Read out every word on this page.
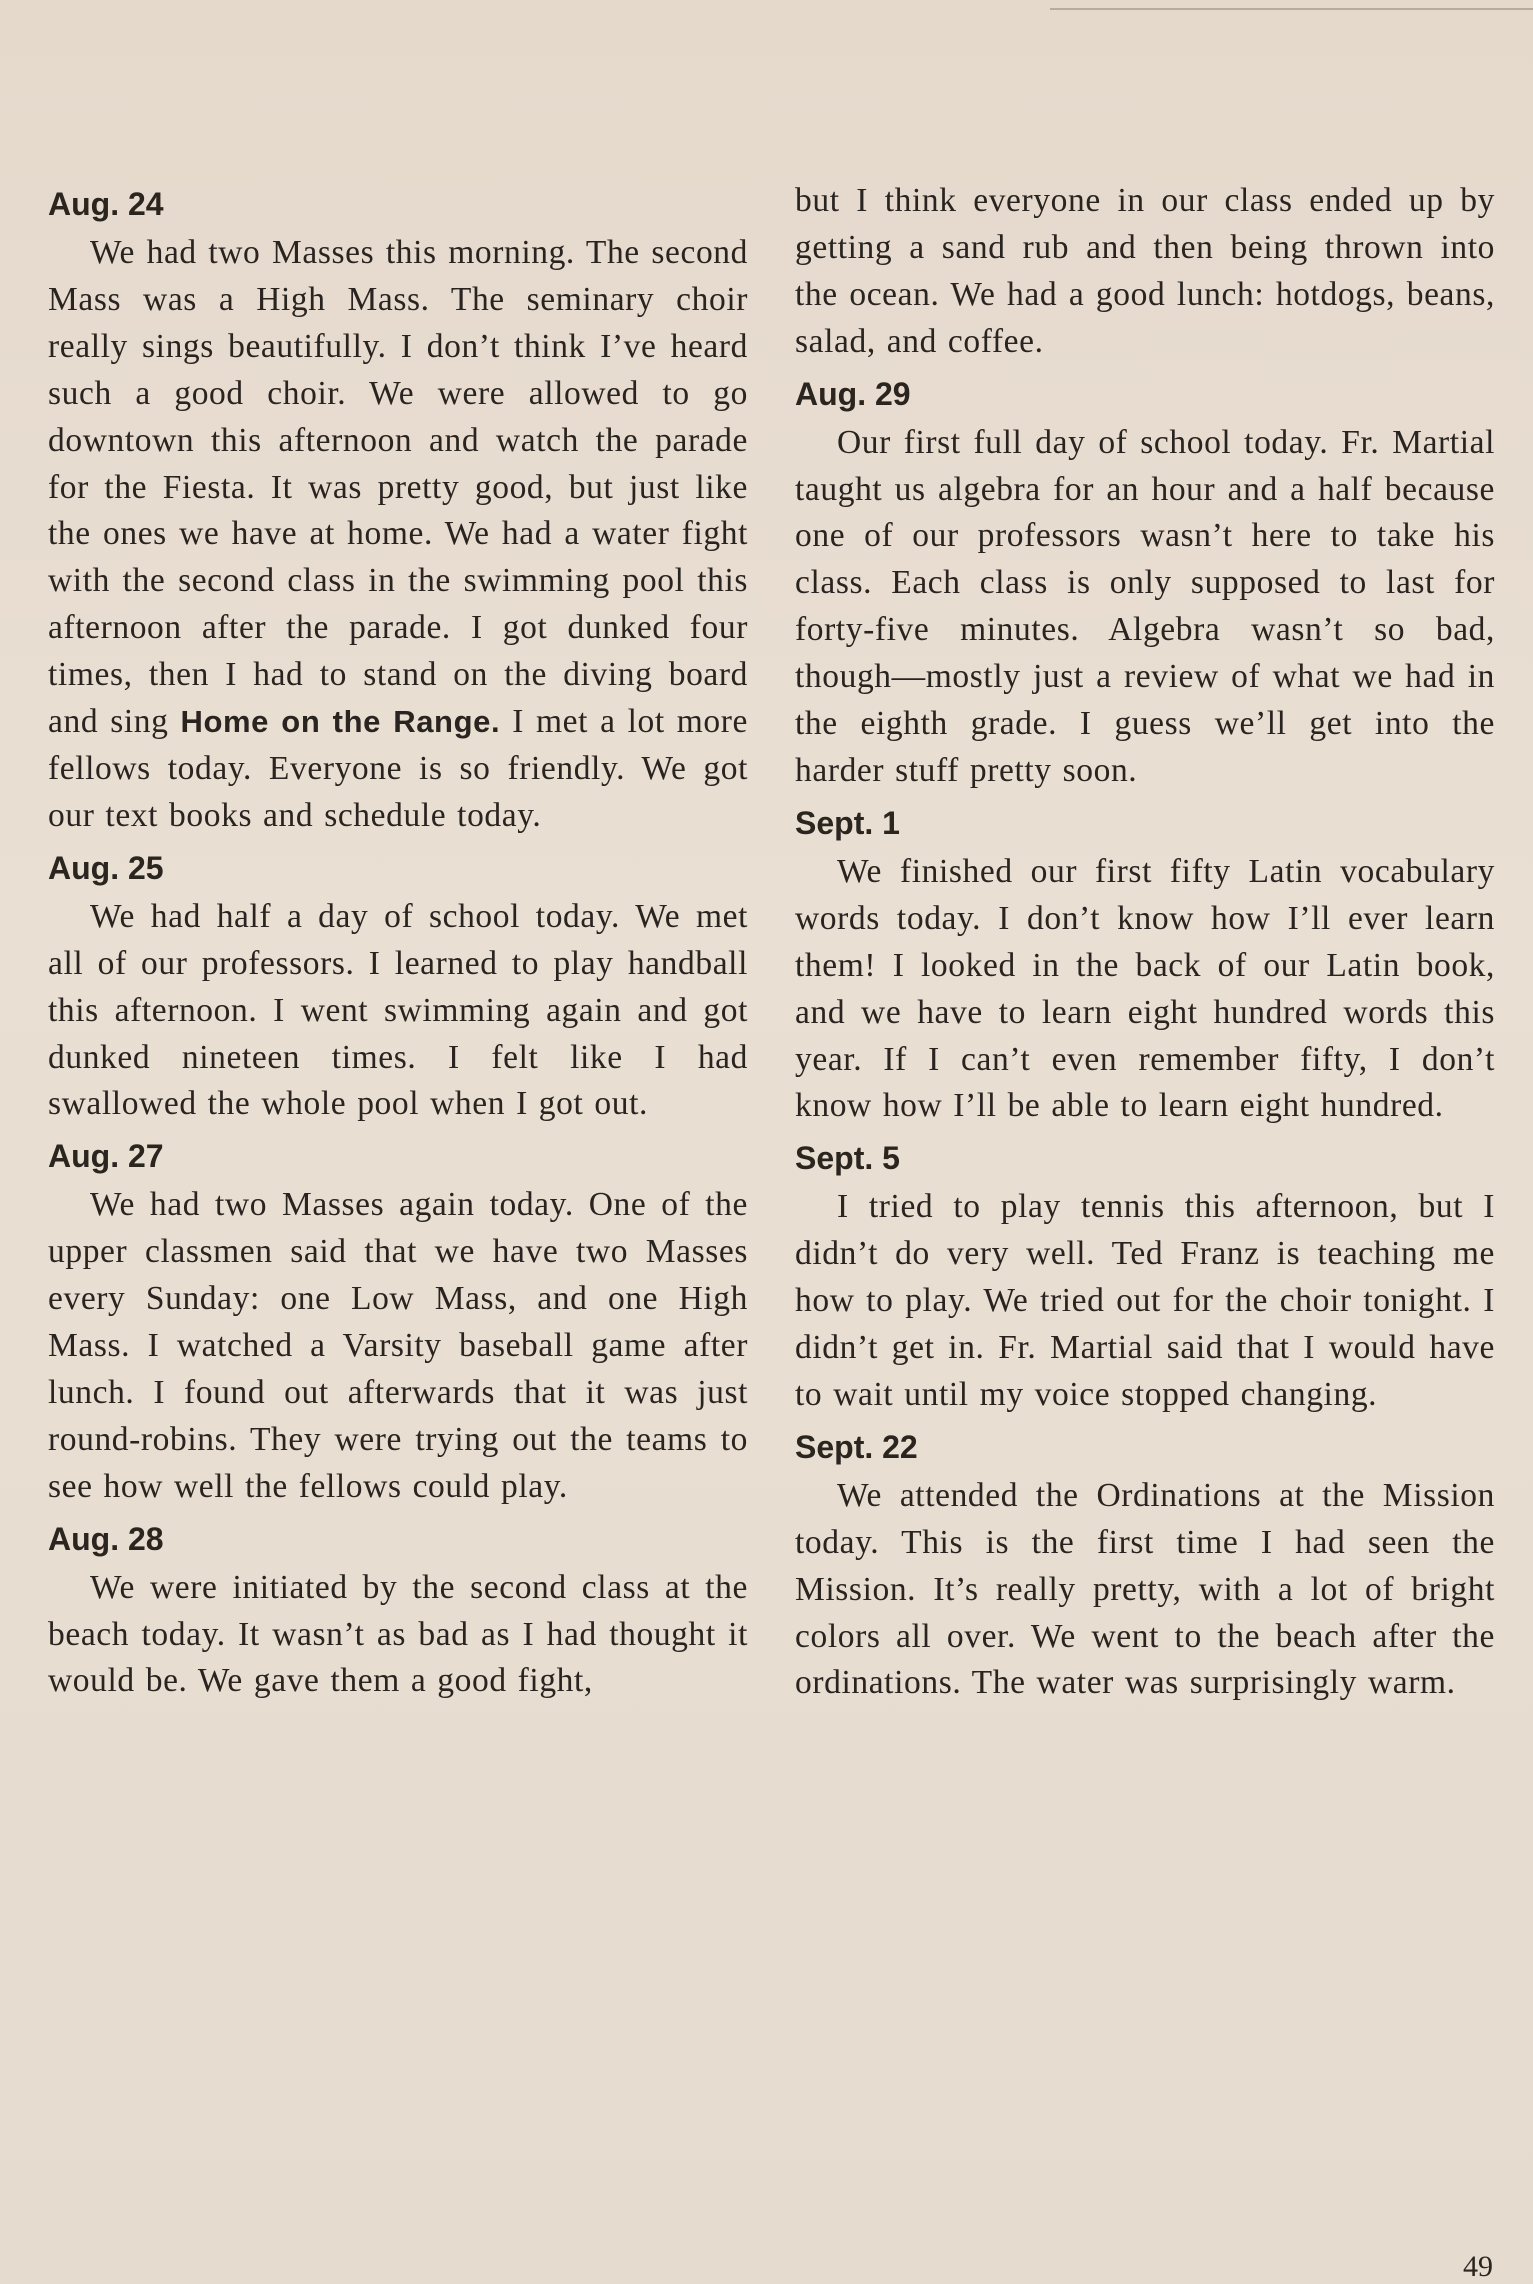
Aug. 24

We had two Masses this morning. The second Mass was a High Mass. The seminary choir really sings beautifully. I don’t think I’ve heard such a good choir. We were allowed to go downtown this afternoon and watch the parade for the Fiesta. It was pretty good, but just like the ones we have at home. We had a water fight with the second class in the swimming pool this afternoon after the parade. I got dunked four times, then I had to stand on the diving board and sing Home on the Range. I met a lot more fellows today. Everyone is so friendly. We got our text books and schedule today.

Aug. 25

We had half a day of school today. We met all of our professors. I learned to play handball this afternoon. I went swimming again and got dunked nineteen times. I felt like I had swallowed the whole pool when I got out.

Aug. 27

We had two Masses again today. One of the upper classmen said that we have two Masses every Sunday: one Low Mass, and one High Mass. I watched a Varsity baseball game after lunch. I found out afterwards that it was just round-robins. They were trying out the teams to see how well the fellows could play.

Aug. 28

We were initiated by the second class at the beach today. It wasn’t as bad as I had thought it would be. We gave them a good fight,

but I think everyone in our class ended up by getting a sand rub and then being thrown into the ocean. We had a good lunch: hotdogs, beans, salad, and coffee.

Aug. 29

Our first full day of school today. Fr. Martial taught us algebra for an hour and a half because one of our professors wasn’t here to take his class. Each class is only supposed to last for forty-five minutes. Algebra wasn’t so bad, though—mostly just a review of what we had in the eighth grade. I guess we’ll get into the harder stuff pretty soon.

Sept. 1

We finished our first fifty Latin vocabulary words today. I don’t know how I’ll ever learn them! I looked in the back of our Latin book, and we have to learn eight hundred words this year. If I can’t even remember fifty, I don’t know how I’ll be able to learn eight hundred.

Sept. 5

I tried to play tennis this afternoon, but I didn’t do very well. Ted Franz is teaching me how to play. We tried out for the choir tonight. I didn’t get in. Fr. Martial said that I would have to wait until my voice stopped changing.

Sept. 22

We attended the Ordinations at the Mission today. This is the first time I had seen the Mission. It’s really pretty, with a lot of bright colors all over. We went to the beach after the ordinations. The water was surprisingly warm.

49
